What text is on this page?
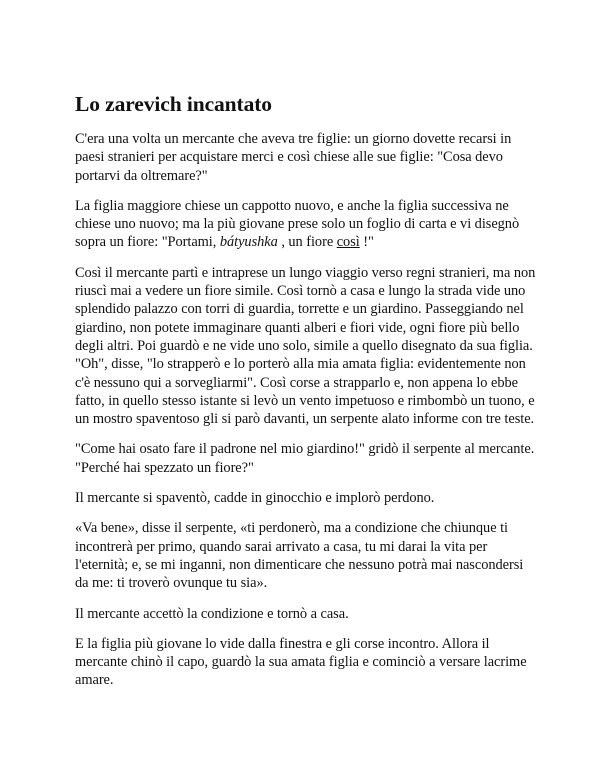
Lo zarevich incantato

C'era una volta un mercante che aveva tre figlie: un giorno dovette recarsi in paesi stranieri per acquistare merci e così chiese alle sue figlie: "Cosa devo portarvi da oltremare?"

La figlia maggiore chiese un cappotto nuovo, e anche la figlia successiva ne chiese uno nuovo; ma la più giovane prese solo un foglio di carta e vi disegnò sopra un fiore: "Portami, bátyushka , un fiore così !"

Così il mercante partì e intraprese un lungo viaggio verso regni stranieri, ma non riuscì mai a vedere un fiore simile. Così tornò a casa e lungo la strada vide uno splendido palazzo con torri di guardia, torrette e un giardino. Passeggiando nel giardino, non potete immaginare quanti alberi e fiori vide, ogni fiore più bello degli altri. Poi guardò e ne vide uno solo, simile a quello disegnato da sua figlia. "Oh", disse, "lo strapperò e lo porterò alla mia amata figlia: evidentemente non c'è nessuno qui a sorvegliarmi". Così corse a strapparlo e, non appena lo ebbe fatto, in quello stesso istante si levò un vento impetuoso e rimbombò un tuono, e un mostro spaventoso gli si parò davanti, un serpente alato informe con tre teste.

"Come hai osato fare il padrone nel mio giardino!" gridò il serpente al mercante. "Perché hai spezzato un fiore?"

Il mercante si spaventò, cadde in ginocchio e implorò perdono.

«Va bene», disse il serpente, «ti perdonerò, ma a condizione che chiunque ti incontrerà per primo, quando sarai arrivato a casa, tu mi darai la vita per l'eternità; e, se mi inganni, non dimenticare che nessuno potrà mai nascondersi da me: ti troverò ovunque tu sia».

Il mercante accettò la condizione e tornò a casa.

E la figlia più giovane lo vide dalla finestra e gli corse incontro. Allora il mercante chinò il capo, guardò la sua amata figlia e cominciò a versare lacrime amare.
